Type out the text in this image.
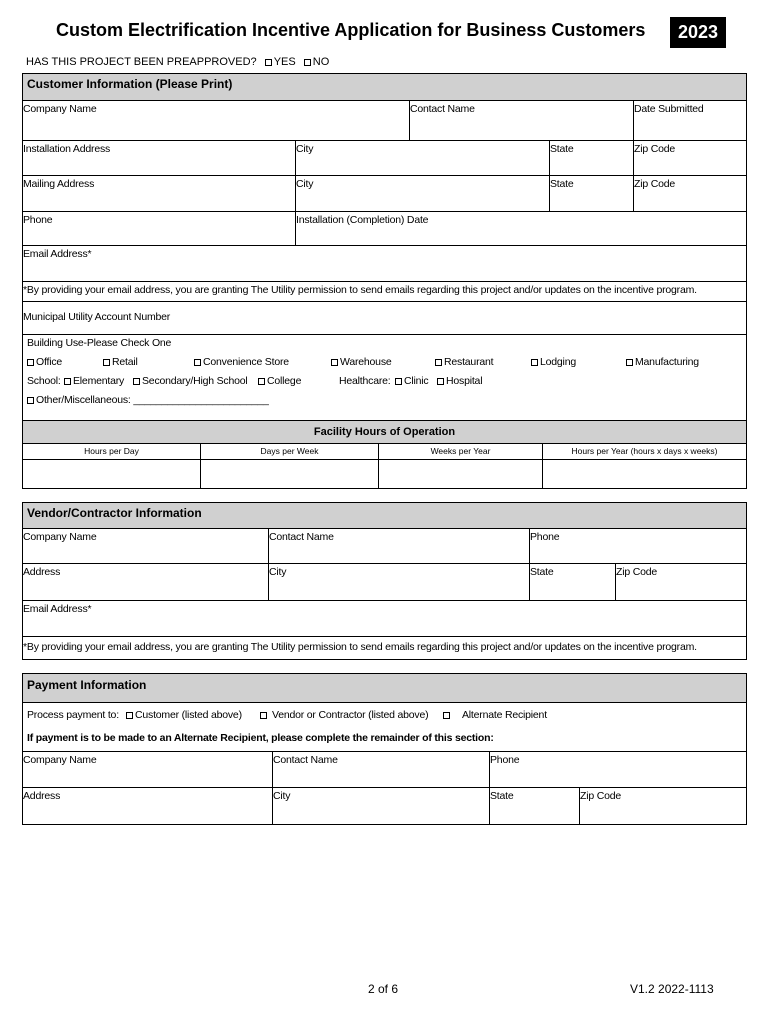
Custom Electrification Incentive Application for Business Customers	2023
HAS THIS PROJECT BEEN PREAPPROVED? YES NO
Customer Information (Please Print)
Company Name	Contact Name	Date Submitted
Installation Address	City	State	Zip Code
Mailing Address	City	State	Zip Code
Phone	Installation (Completion) Date
Email Address*
*By providing your email address, you are granting The Utility permission to send emails regarding this project and/or updates on the incentive program.
Municipal Utility Account Number
Building Use-Please Check One
Office	Retail	Convenience Store	Warehouse	Restaurant	Lodging	Manufacturing
School:	Elementary	Secondary/High School	College	Healthcare:	Clinic	Hospital
Other/Miscellaneous: ________________________
Facility Hours of Operation
Hours per Day	Days per Week	Weeks per Year	Hours per Year (hours x days x weeks)
Vendor/Contractor Information
Company Name	Contact Name	Phone
Address	City	State	Zip Code
Email Address*
*By providing your email address, you are granting The Utility permission to send emails regarding this project and/or updates on the incentive program.
Payment Information
Process payment to:	Customer (listed above)	Vendor or Contractor (listed above)	Alternate Recipient
If payment is to be made to an Alternate Recipient, please complete the remainder of this section:
Company Name	Contact Name	Phone
Address	City	State	Zip Code
2 of 6	V1.2 2022-1113
